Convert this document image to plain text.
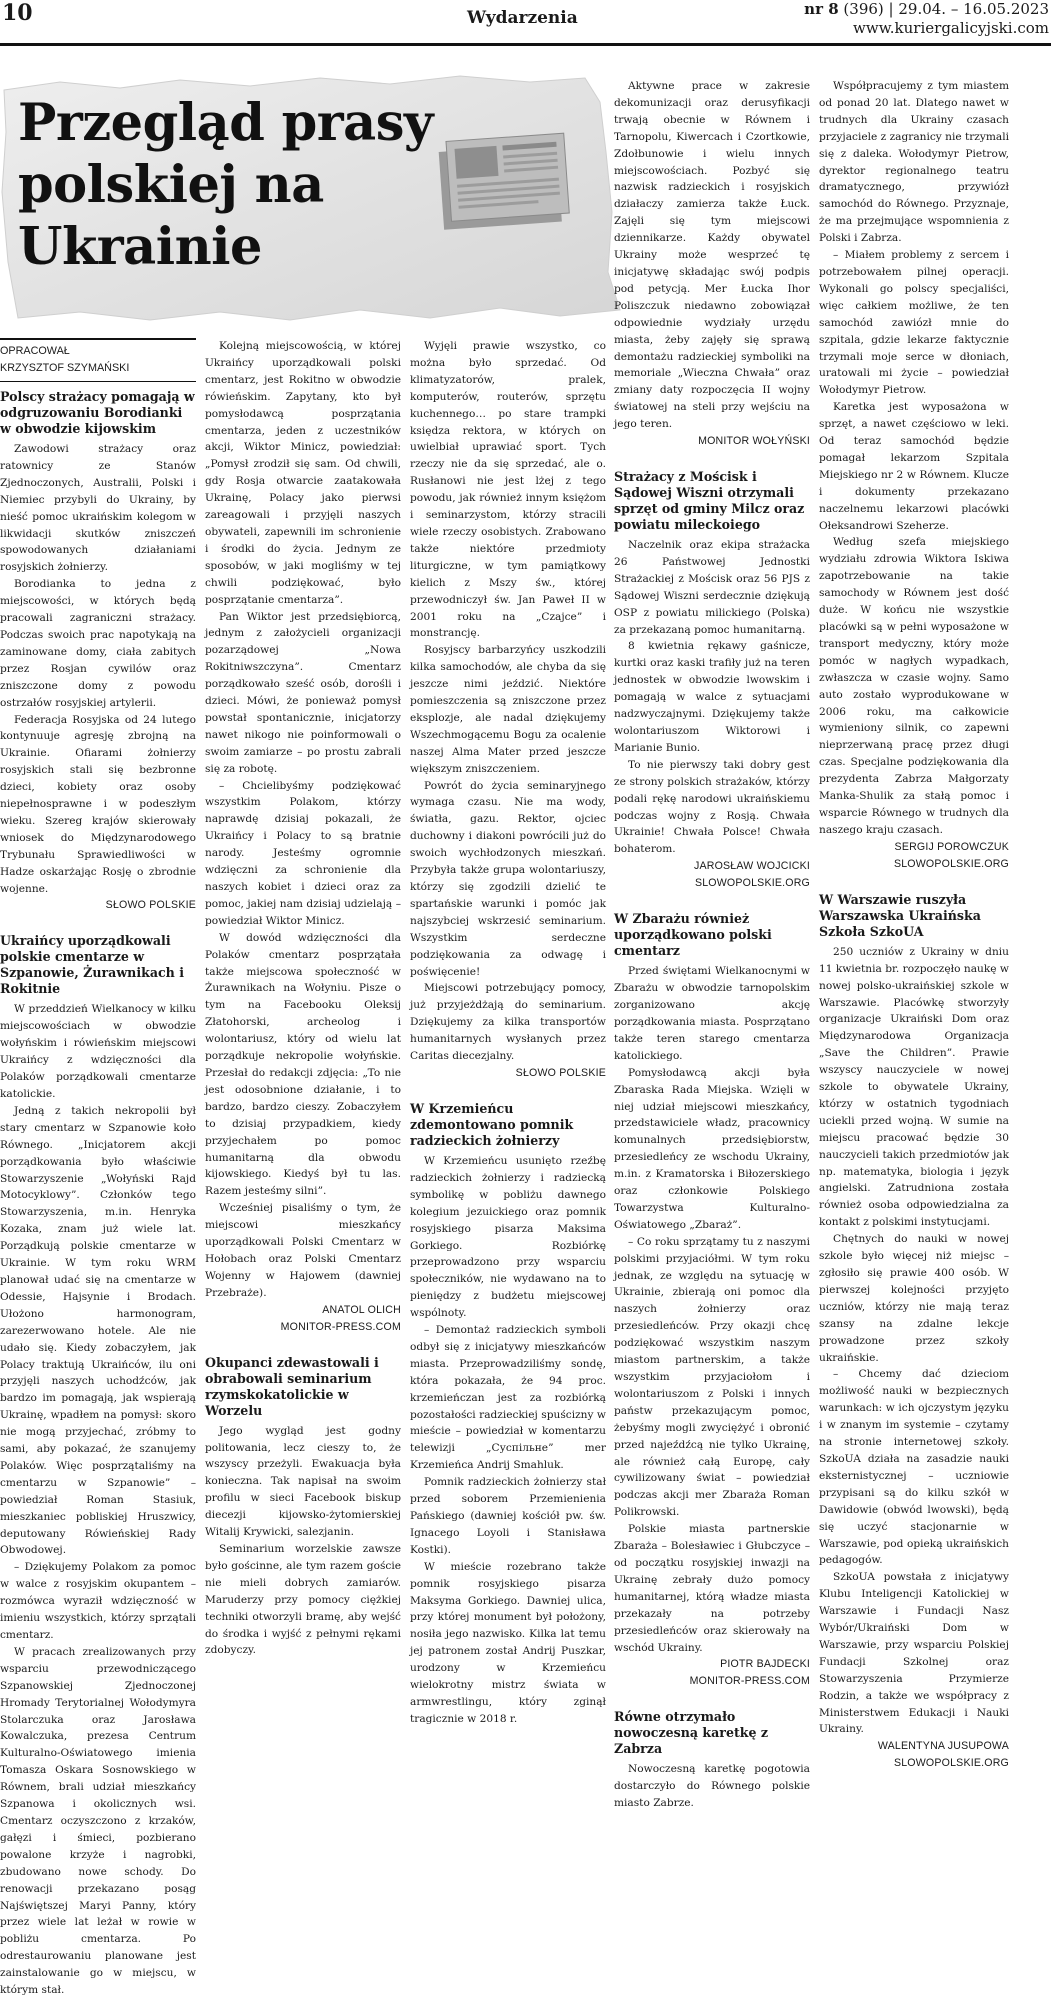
10	Wydarzenia	nr 8 (396) | 29.04. – 16.05.2023
www.kuriergalicyjski.com
Przegląd prasy polskiej na Ukrainie
OPRACOWAŁ
KRZYSZTOF SZYMAŃSKI
Polscy strażacy pomagają w odgruzowaniu Borodianki w obwodzie kijowskim

Zawodowi strażacy oraz ratownicy ze Stanów Zjednoczonych, Australii, Polski i Niemiec przybyli do Ukrainy, by nieść pomoc ukraińskim kolegom w likwidacji skutków zniszczeń spowodowanych działaniami rosyjskich żołnierzy.

Borodianka to jedna z miejscowości, w których będą pracowali zagraniczni strażacy. Podczas swoich prac napotykają na zaminowane domy, ciała zabitych przez Rosjan cywilów oraz zniszczone domy z powodu ostrzałów rosyjskiej artylerii.

Federacja Rosyjska od 24 lutego kontynuuje agresję zbrojną na Ukrainie. Ofiarami żołnierzy rosyjskich stali się bezbronne dzieci, kobiety oraz osoby niepełnosprawne i w podeszłym wieku. Szereg krajów skierowały wniosek do Międzynarodowego Trybunału Sprawiedliwości w Hadze oskarżając Rosję o zbrodnie wojenne.

SŁOWO POLSKIE
Ukraińcy uporządkowali polskie cmentarze w Szpanowie, Żurawnikach i Rokitnie

W przeddzień Wielkanocy w kilku miejscowościach w obwodzie wołyńskim i rówieńskim miejscowi Ukraińcy z wdzięczności dla Polaków porządkowali cmentarze katolickie.

Jedną z takich nekropolii był stary cmentarz w Szpanowie koło Równego. „Inicjatorem akcji porządkowania było właściwie Stowarzyszenie „Wołyński Rajd Motocyklowy”. Członków tego Stowarzyszenia, m.in. Henryka Kozaka, znam już wiele lat. Porządkują polskie cmentarze w Ukrainie. W tym roku WRM planował udać się na cmentarze w Odessie, Hajsynie i Brodach. Ułożono harmonogram, zarezerwowano hotele. Ale nie udało się. Kiedy zobaczyłem, jak Polacy traktują Ukraińców, ilu oni przyjęli naszych uchodźców, jak bardzo im pomagają, jak wspierają Ukrainę, wpadłem na pomysł: skoro nie mogą przyjechać, zróbmy to sami, aby pokazać, że szanujemy Polaków. Więc posprzątaliśmy na cmentarzu w Szpanowie” – powiedział Roman Stasiuk, mieszkaniec pobliskiej Hruszwicy, deputowany Rówieńskiej Rady Obwodowej.

– Dziękujemy Polakom za pomoc w walce z rosyjskim okupantem – rozmówca wyraził wdzięczność w imieniu wszystkich, którzy sprzątali cmentarz.

W pracach zrealizowanych przy wsparciu przewodniczącego Szpanowskiej Zjednoczonej Hromady Terytorialnej Wołodymyra Stolarczuka oraz Jarosława Kowalczuka, prezesa Centrum Kulturalno-Oświatowego imienia Tomasza Oskara Sosnowskiego w Równem, brali udział mieszkańcy Szpanowa i okolicznych wsi. Cmentarz oczyszczono z krzaków, gałęzi i śmieci, pozbierano powalone krzyże i nagrobki, zbudowano nowe schody. Do renowacji przekazano posąg Najświętszej Maryi Panny, który przez wiele lat leżał w rowie w pobliżu cmentarza. Po odrestaurowaniu planowane jest zainstalowanie go w miejscu, w którym stał.

Kolejną miejscowością, w której Ukraińcy uporządkowali polski cmentarz, jest Rokitno w obwodzie rówieńskim. Zapytany, kto był pomysłodawcą posprzątania cmentarza, jeden z uczestników akcji, Wiktor Minicz, powiedział: „Pomysł zrodził się sam. Od chwili, gdy Rosja otwarcie zaatakowała Ukrainę, Polacy jako pierwsi zareagowali i przyjęli naszych obywateli, zapewnili im schronienie i środki do życia. Jednym ze sposobów, w jaki mogliśmy w tej chwili podziękować, było posprzątanie cmentarza”.

Pan Wiktor jest przedsiębiorcą, jednym z założycieli organizacji pozarządowej „Nowa Rokitniwszczyna”. Cmentarz porządkowało sześć osób, dorośli i dzieci. Mówi, że ponieważ pomysł powstał spontanicznie, inicjatorzy nawet nikogo nie poinformowali o swoim zamiarze – po prostu zabrali się za robotę.

– Chcielibyśmy podziękować wszystkim Polakom, którzy naprawdę dzisiaj pokazali, że Ukraińcy i Polacy to są bratnie narody. Jesteśmy ogromnie wdzięczni za schronienie dla naszych kobiet i dzieci oraz za pomoc, jakiej nam dzisiaj udzielają – powiedział Wiktor Minicz.

W dowód wdzięczności dla Polaków cmentarz posprzątała także miejscowa społeczność w Żurawnikach na Wołyniu. Pisze o tym na Facebooku Oleksij Złatohorski, archeolog i wolontariusz, który od wielu lat porządkuje nekropolie wołyńskie. Przesłał do redakcji zdjęcia: „To nie jest odosobnione działanie, i to bardzo, bardzo cieszy. Zobaczyłem to dzisiaj przypadkiem, kiedy przyjechałem po pomoc humanitarną dla obwodu kijowskiego. Kiedyś był tu las. Razem jesteśmy silni”.

Wcześniej pisaliśmy o tym, że miejscowi mieszkańcy uporządkowali Polski Cmentarz w Hołobach oraz Polski Cmentarz Wojenny w Hajowem (dawniej Przebraże).

ANATOL OLICH
MONITOR-PRESS.COM
Okupanci zdewastowali i obrabowali seminarium rzymskokatolickie w Worzelu

Jego wygląd jest godny politowania, lecz cieszy to, że wszyscy przeżyli. Ewakuacja była konieczna. Tak napisał na swoim profilu w sieci Facebook biskup diecezji kijowsko-żytomierskiej Witalij Krywicki, salezjanin.

Seminarium worzelskie zawsze było gościnne, ale tym razem goście nie mieli dobrych zamiarów. Maruderzy przy pomocy ciężkiej techniki otworzyli bramę, aby wejść do środka i wyjść z pełnymi rękami zdobyczy.

Wyjęli prawie wszystko, co można było sprzedać. Od klimatyzatorów, pralek, komputerów, routerów, sprzętu kuchennego… po stare trampki księdza rektora, w których on uwielbiał uprawiać sport. Tych rzeczy nie da się sprzedać, ale o. Rusłanowi nie jest lżej z tego powodu, jak również innym księżom i seminarzystom, którzy stracili wiele rzeczy osobistych. Zrabowano także niektóre przedmioty liturgiczne, w tym pamiątkowy kielich z Mszy św., której przewodniczył św. Jan Paweł II w 2001 roku na „Czajce” i monstrancję.

Rosyjscy barbarzyńcy uszkodzili kilka samochodów, ale chyba da się jeszcze nimi jeździć. Niektóre pomieszczenia są zniszczone przez eksplozje, ale nadal dziękujemy Wszechmogącemu Bogu za ocalenie naszej Alma Mater przed jeszcze większym zniszczeniem.

Powrót do życia seminaryjnego wymaga czasu. Nie ma wody, światła, gazu. Rektor, ojciec duchowny i diakoni powrócili już do swoich wychłodzonych mieszkań. Przybyła także grupa wolontariuszy, którzy się zgodzili dzielić te spartańskie warunki i pomóc jak najszybciej wskrzesić seminarium. Wszystkim serdeczne podziękowania za odwagę i poświęcenie!

Miejscowi potrzebujący pomocy, już przyjeżdżają do seminarium. Dziękujemy za kilka transportów humanitarnych wysłanych przez Caritas diecezjalny.

SŁOWO POLSKIE
W Krzemieńcu zdemontowano pomnik radzieckich żołnierzy

W Krzemieńcu usunięto rzeźbę radzieckich żołnierzy i radziecką symbolikę w pobliżu dawnego kolegium jezuickiego oraz pomnik rosyjskiego pisarza Maksima Gorkiego. Rozbiórkę przeprowadzono przy wsparciu społeczników, nie wydawano na to pieniędzy z budżetu miejscowej wspólnoty.

– Demontaż radzieckich symboli odbył się z inicjatywy mieszkańców miasta. Przeprowadziliśmy sondę, która pokazała, że 94 proc. krzemieńczan jest za rozbiórką pozostałości radzieckiej spuścizny w mieście – powiedział w komentarzu telewizji „Суспільне” mer Krzemieńca Andrij Smahluk.

Pomnik radzieckich żołnierzy stał przed soborem Przemienienia Pańskiego (dawniej kościół pw. św. Ignacego Loyoli i Stanisława Kostki).

W mieście rozebrano także pomnik rosyjskiego pisarza Maksyma Gorkiego. Dawniej ulica, przy której monument był położony, nosiła jego nazwisko. Kilka lat temu jej patronem został Andrij Puszkar, urodzony w Krzemieńcu wielokrotny mistrz świata w armwrestlingu, który zginął tragicznie w 2018 r.

Aktywne prace w zakresie dekomunizacji oraz derusyfikacji trwają obecnie w Równem i Tarnopolu, Kiwercach i Czortkowie, Zdołbunowie i wielu innych miejscowościach. Pozbyć się nazwisk radzieckich i rosyjskich działaczy zamierza także Łuck. Zajęli się tym miejscowi dziennikarze. Każdy obywatel Ukrainy może wesprzeć tę inicjatywę składając swój podpis pod petycją. Mer Łucka Ihor Poliszczuk niedawno zobowiązał odpowiednie wydziały urzędu miasta, żeby zajęły się sprawą demontażu radzieckiej symboliki na memoriale „Wieczna Chwała” oraz zmiany daty rozpoczęcia II wojny światowej na steli przy wejściu na jego teren.

MONITOR WOŁYŃSKI
Strażacy z Mościsk i Sądowej Wiszni otrzymali sprzęt od gminy Milcz oraz powiatu mileckoiego

Naczelnik oraz ekipa strażacka 26 Państwowej Jednostki Strażackiej z Mościsk oraz 56 PJS z Sądowej Wiszni serdecznie dziękują OSP z powiatu milickiego (Polska) za przekazaną pomoc humanitarną.

8 kwietnia rękawy gaśnicze, kurtki oraz kaski trafiły już na teren jednostek w obwodzie lwowskim i pomagają w walce z sytuacjami nadzwyczajnymi. Dziękujemy także wolontariuszom Wiktorowi i Marianie Bunio.

To nie pierwszy taki dobry gest ze strony polskich strażaków, którzy podali rękę narodowi ukraińskiemu podczas wojny z Rosją. Chwała Ukrainie! Chwała Polsce! Chwała bohaterom.

JAROSŁAW WOJCICKI
SLOWOPOLSKIE.ORG
W Zbarażu również uporządkowano polski cmentarz

Przed świętami Wielkanocnymi w Zbarażu w obwodzie tarnopolskim zorganizowano akcję porządkowania miasta. Posprzątano także teren starego cmentarza katolickiego.

Pomysłodawcą akcji była Zbaraska Rada Miejska. Wzięli w niej udział miejscowi mieszkańcy, przedstawiciele władz, pracownicy komunalnych przedsiębiorstw, przesiedleńcy ze wschodu Ukrainy, m.in. z Kramatorska i Biłozerskiego oraz członkowie Polskiego Towarzystwa Kulturalno-Oświatowego „Zbaraż”.

– Co roku sprzątamy tu z naszymi polskimi przyjaciółmi. W tym roku jednak, ze względu na sytuację w Ukrainie, zbierają oni pomoc dla naszych żołnierzy oraz przesiedleńców. Przy okazji chcę podziękować wszystkim naszym miastom partnerskim, a także wszystkim przyjaciołom i wolontariuszom z Polski i innych państw przekazującym pomoc, żebyśmy mogli zwyciężyć i obronić przed najeźdźcą nie tylko Ukrainę, ale również całą Europę, cały cywilizowany świat – powiedział podczas akcji mer Zbaraża Roman Polikrowski.

Polskie miasta partnerskie Zbaraża – Bolesławiec i Głubczyce – od początku rosyjskiej inwazji na Ukrainę zebrały dużo pomocy humanitarnej, którą władze miasta przekazały na potrzeby przesiedleńców oraz skierowały na wschód Ukrainy.

PIOTR BAJDECKI
MONITOR-PRESS.COM
Równe otrzymało nowoczesną karetkę z Zabrza

Nowoczesną karetkę pogotowia dostarczyło do Równego polskie miasto Zabrze.

Współpracujemy z tym miastem od ponad 20 lat. Dlatego nawet w trudnych dla Ukrainy czasach przyjaciele z zagranicy nie trzymali się z daleka. Wołodymyr Pietrow, dyrektor regionalnego teatru dramatycznego, przywiózł samochód do Równego. Przyznaje, że ma przejmujące wspomnienia z Polski i Zabrza.

– Miałem problemy z sercem i potrzebowałem pilnej operacji. Wykonali go polscy specjaliści, więc całkiem możliwe, że ten samochód zawiózł mnie do szpitala, gdzie lekarze faktycznie trzymali moje serce w dłoniach, uratowali mi życie – powiedział Wołodymyr Pietrow.

Karetka jest wyposażona w sprzęt, a nawet częściowo w leki. Od teraz samochód będzie pomagał lekarzom Szpitala Miejskiego nr 2 w Równem. Klucze i dokumenty przekazano naczelnemu lekarzowi placówki Ołeksandrowi Szeherze.

Według szefa miejskiego wydziału zdrowia Wiktora Iskiwa zapotrzebowanie na takie samochody w Równem jest dość duże. W końcu nie wszystkie placówki są w pełni wyposażone w transport medyczny, który może pomóc w nagłych wypadkach, zwłaszcza w czasie wojny. Samo auto zostało wyprodukowane w 2006 roku, ma całkowicie wymieniony silnik, co zapewni nieprzerwaną pracę przez długi czas. Specjalne podziękowania dla prezydenta Zabrza Małgorzaty Manka-Shulik za stałą pomoc i wsparcie Równego w trudnych dla naszego kraju czasach.

SERGIJ POROWCZUK
SLOWOPOLSKIE.ORG
W Warszawie ruszyła Warszawska Ukraińska Szkoła SzkoUA

250 uczniów z Ukrainy w dniu 11 kwietnia br. rozpoczęło naukę w nowej polsko-ukraińskiej szkole w Warszawie. Placówkę stworzyły organizacje Ukraiński Dom oraz Międzynarodowa Organizacja „Save the Children”. Prawie wszyscy nauczyciele w nowej szkole to obywatele Ukrainy, którzy w ostatnich tygodniach uciekli przed wojną. W sumie na miejscu pracować będzie 30 nauczycieli takich przedmiotów jak np. matematyka, biologia i język angielski. Zatrudniona została również osoba odpowiedzialna za kontakt z polskimi instytucjami.

Chętnych do nauki w nowej szkole było więcej niż miejsc – zgłosiło się prawie 400 osób. W pierwszej kolejności przyjęto uczniów, którzy nie mają teraz szansy na zdalne lekcje prowadzone przez szkoły ukraińskie.

– Chcemy dać dzieciom możliwość nauki w bezpiecznych warunkach: w ich ojczystym języku i w znanym im systemie – czytamy na stronie internetowej szkoły. SzkoUA działa na zasadzie nauki eksternistycznej – uczniowie przypisani są do kilku szkół w Dawidowie (obwód lwowski), będą się uczyć stacjonarnie w Warszawie, pod opieką ukraińskich pedagogów.

SzkoUA powstała z inicjatywy Klubu Inteligencji Katolickiej w Warszawie i Fundacji Nasz Wybór/Ukraiński Dom w Warszawie, przy wsparciu Polskiej Fundacji Szkolnej oraz Stowarzyszenia Przymierze Rodzin, a także we współpracy z Ministerstwem Edukacji i Nauki Ukrainy.

WALENTYNA JUSUPOWA
SLOWOPOLSKIE.ORG
